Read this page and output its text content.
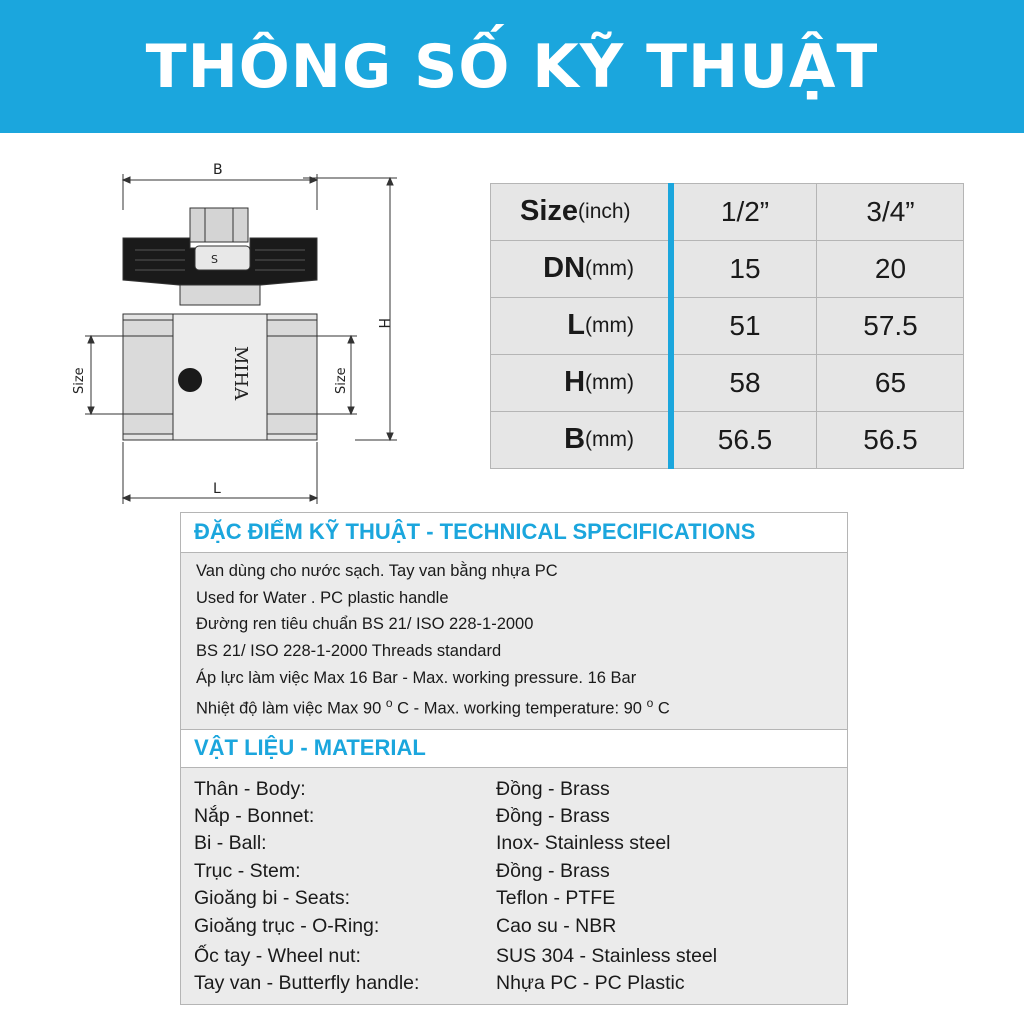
THÔNG SỐ KỸ THUẬT
S
MIHA
B
H
L
Size	Size
Size (inch)	1/2”	3/4”
DN (mm)	15	20
L (mm)	51	57.5
H (mm)	58	65
B (mm)	56.5	56.5
ĐẶC ĐIỂM KỸ THUẬT - TECHNICAL SPECIFICATIONS
Van dùng cho nước sạch. Tay van bằng nhựa PC
Used for Water . PC plastic handle
Đường ren tiêu chuẩn BS 21/ ISO 228-1-2000
BS 21/ ISO 228-1-2000 Threads standard
Áp lực làm việc Max 16 Bar - Max. working pressure. 16 Bar
Nhiệt độ làm việc Max 90 $^o$ C - Max. working temperature: 90 $^o$ C
VẬT LIỆU - MATERIAL
Thân - Body:	Đồng - Brass
Nắp - Bonnet:	Đồng - Brass
Bi - Ball:	Inox- Stainless steel
Trục - Stem:	Đồng - Brass
Gioăng bi - Seats:	Teflon - PTFE
Gioăng trục - O-Ring:	Cao su - NBR
Ốc tay - Wheel nut:	SUS 304 - Stainless steel
Tay van - Butterfly handle:	Nhựa PC - PC Plastic
